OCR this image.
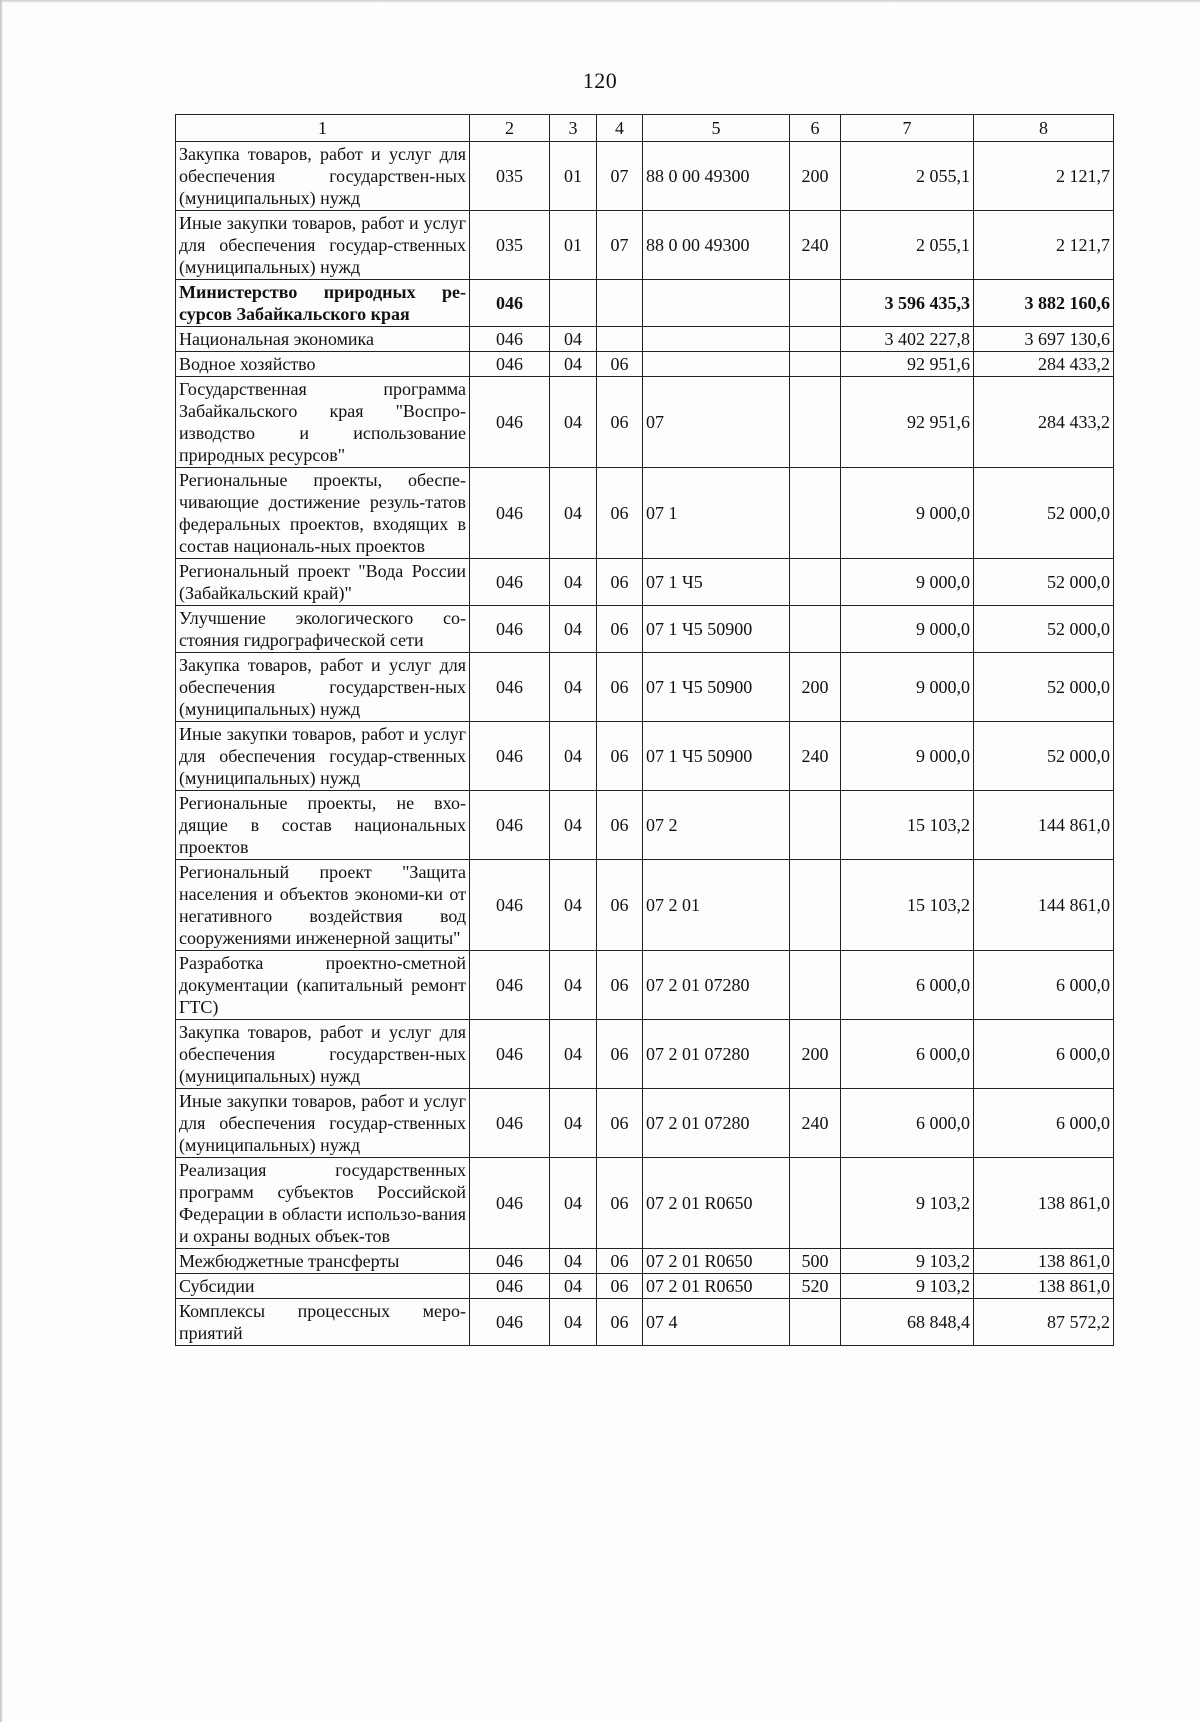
120
1	2	3	4	5	6	7	8
Закупка товаров, работ и услуг для обеспечения государствен-ных (муниципальных) нужд	035	01	07	88 0 00 49300	200	2 055,1	2 121,7
Иные закупки товаров, работ и услуг для обеспечения государ-ственных (муниципальных) нужд	035	01	07	88 0 00 49300	240	2 055,1	2 121,7
Министерство природных ре-сурсов Забайкальского края	046					3 596 435,3	3 882 160,6
Национальная экономика	046	04				3 402 227,8	3 697 130,6
Водное хозяйство	046	04	06			92 951,6	284 433,2
Государственная программа Забайкальского края "Воспро-изводство и использование природных ресурсов"	046	04	06	07		92 951,6	284 433,2
Региональные проекты, обеспе-чивающие достижение резуль-татов федеральных проектов, входящих в состав националь-ных проектов	046	04	06	07 1		9 000,0	52 000,0
Региональный проект "Вода России (Забайкальский край)"	046	04	06	07 1 Ч5		9 000,0	52 000,0
Улучшение экологического со-стояния гидрографической сети	046	04	06	07 1 Ч5 50900		9 000,0	52 000,0
Закупка товаров, работ и услуг для обеспечения государствен-ных (муниципальных) нужд	046	04	06	07 1 Ч5 50900	200	9 000,0	52 000,0
Иные закупки товаров, работ и услуг для обеспечения государ-ственных (муниципальных) нужд	046	04	06	07 1 Ч5 50900	240	9 000,0	52 000,0
Региональные проекты, не вхо-дящие в состав национальных проектов	046	04	06	07 2		15 103,2	144 861,0
Региональный проект "Защита населения и объектов экономи-ки от негативного воздействия вод сооружениями инженерной защиты"	046	04	06	07 2 01		15 103,2	144 861,0
Разработка проектно-сметной документации (капитальный ремонт ГТС)	046	04	06	07 2 01 07280		6 000,0	6 000,0
Закупка товаров, работ и услуг для обеспечения государствен-ных (муниципальных) нужд	046	04	06	07 2 01 07280	200	6 000,0	6 000,0
Иные закупки товаров, работ и услуг для обеспечения государ-ственных (муниципальных) нужд	046	04	06	07 2 01 07280	240	6 000,0	6 000,0
Реализация государственных программ субъектов Российской Федерации в области использо-вания и охраны водных объек-тов	046	04	06	07 2 01 R0650		9 103,2	138 861,0
Межбюджетные трансферты	046	04	06	07 2 01 R0650	500	9 103,2	138 861,0
Субсидии	046	04	06	07 2 01 R0650	520	9 103,2	138 861,0
Комплексы процессных меро-приятий	046	04	06	07 4		68 848,4	87 572,2
